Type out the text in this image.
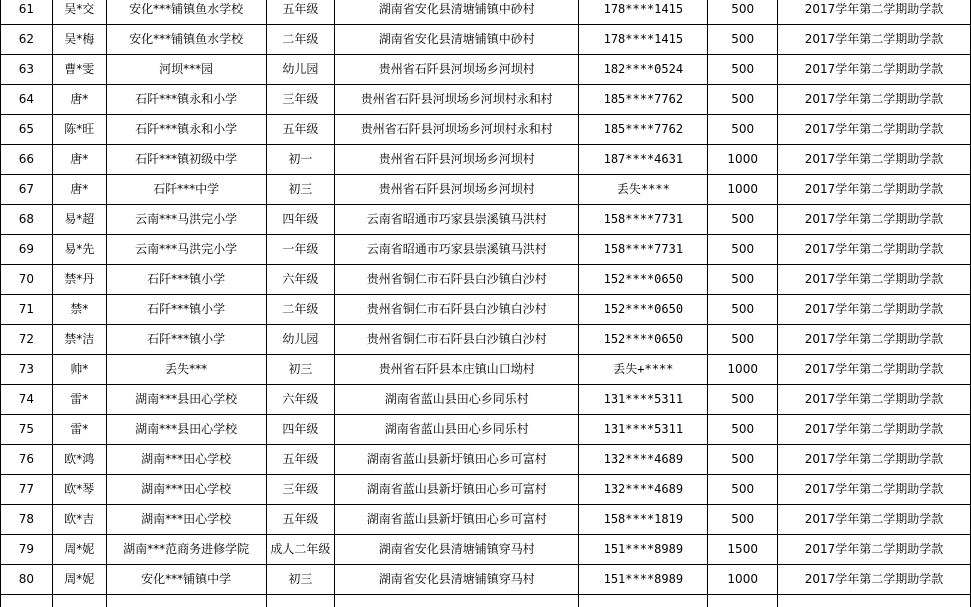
61	吴*交	安化***铺镇鱼水学校	五年级	湖南省安化县清塘铺镇中砂村	178****1415	500	2017学年第二学期助学款
62	吴*梅	安化***铺镇鱼水学校	二年级	湖南省安化县清塘铺镇中砂村	178****1415	500	2017学年第二学期助学款
63	曹*雯	河坝***园	幼儿园	贵州省石阡县河坝场乡河坝村	182****0524	500	2017学年第二学期助学款
64	唐*	石阡***镇永和小学	三年级	贵州省石阡县河坝场乡河坝村永和村	185****7762	500	2017学年第二学期助学款
65	陈*旺	石阡***镇永和小学	五年级	贵州省石阡县河坝场乡河坝村永和村	185****7762	500	2017学年第二学期助学款
66	唐*	石阡***镇初级中学	初一	贵州省石阡县河坝场乡河坝村	187****4631	1000	2017学年第二学期助学款
67	唐*	石阡***中学	初三	贵州省石阡县河坝场乡河坝村	丢失****	1000	2017学年第二学期助学款
68	易*超	云南***马洪完小学	四年级	云南省昭通市巧家县崇溪镇马洪村	158****7731	500	2017学年第二学期助学款
69	易*先	云南***马洪完小学	一年级	云南省昭通市巧家县崇溪镇马洪村	158****7731	500	2017学年第二学期助学款
70	禁*丹	石阡***镇小学	六年级	贵州省铜仁市石阡县白沙镇白沙村	152****0650	500	2017学年第二学期助学款
71	禁*	石阡***镇小学	二年级	贵州省铜仁市石阡县白沙镇白沙村	152****0650	500	2017学年第二学期助学款
72	禁*洁	石阡***镇小学	幼儿园	贵州省铜仁市石阡县白沙镇白沙村	152****0650	500	2017学年第二学期助学款
73	帅*	丢失***	初三	贵州省石阡县本庄镇山口坳村	丢失+****	1000	2017学年第二学期助学款
74	雷*	湖南***县田心学校	六年级	湖南省蓝山县田心乡同乐村	131****5311	500	2017学年第二学期助学款
75	雷*	湖南***县田心学校	四年级	湖南省蓝山县田心乡同乐村	131****5311	500	2017学年第二学期助学款
76	欧*鸿	湖南***田心学校	五年级	湖南省蓝山县新圩镇田心乡可富村	132****4689	500	2017学年第二学期助学款
77	欧*琴	湖南***田心学校	三年级	湖南省蓝山县新圩镇田心乡可富村	132****4689	500	2017学年第二学期助学款
78	欧*吉	湖南***田心学校	五年级	湖南省蓝山县新圩镇田心乡可富村	158****1819	500	2017学年第二学期助学款
79	周*妮	湖南***范商务进修学院	成人二年级	湖南省安化县清塘铺镇穿马村	151****8989	1500	2017学年第二学期助学款
80	周*妮	安化***铺镇中学	初三	湖南省安化县清塘铺镇穿马村	151****8989	1000	2017学年第二学期助学款
